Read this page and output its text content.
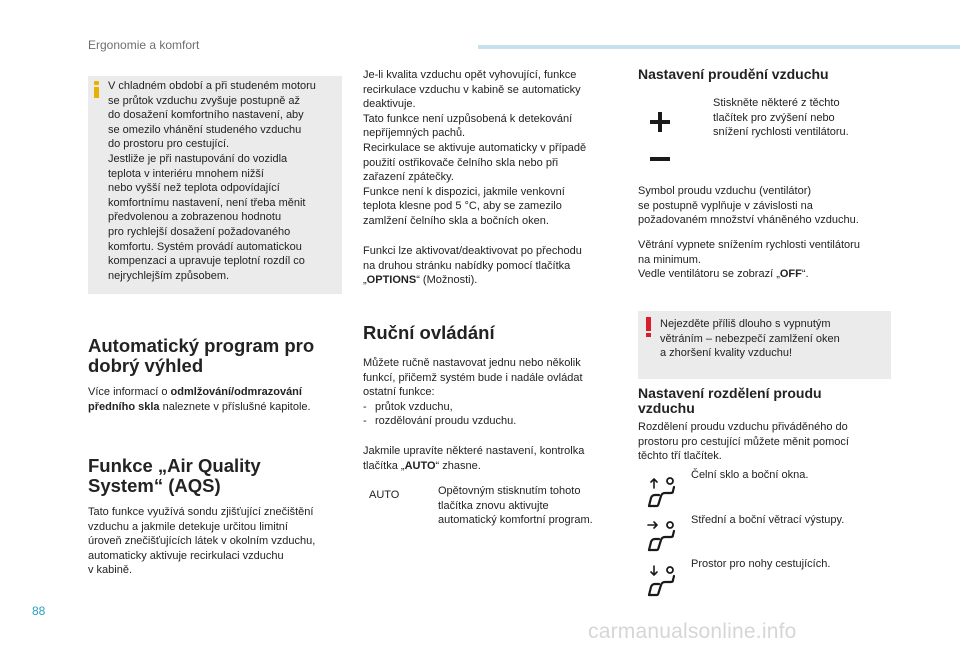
Ergonomie a komfort

V chladném období a při studeném motoru

se průtok vzduchu zvyšuje postupně až

do dosažení komfortního nastavení, aby

se omezilo vhánění studeného vzduchu

do prostoru pro cestující.

Jestliže je při nastupování do vozidla

teplota v interiéru mnohem nižší

nebo vyšší než teplota odpovídající

komfortnímu nastavení, není třeba měnit

předvolenou a zobrazenou hodnotu

pro rychlejší dosažení požadovaného

komfortu. Systém provádí automatickou

kompenzaci a upravuje teplotní rozdíl co

nejrychlejším způsobem.

Automatický program pro
dobrý výhled

Více informací o odmlžování/odmrazování

předního skla naleznete v příslušné kapitole.

Funkce „Air Quality
System“ (AQS)

Tato funkce využívá sondu zjišťující znečištění

vzduchu a jakmile detekuje určitou limitní

úroveň znečišťujících látek v okolním vzduchu,

automaticky aktivuje recirkulaci vzduchu

v kabině.

Je-li kvalita vzduchu opět vyhovující, funkce

recirkulace vzduchu v kabině se automaticky

deaktivuje.

Tato funkce není uzpůsobená k detekování

nepříjemných pachů.

Recirkulace se aktivuje automaticky v případě

použití ostřikovače čelního skla nebo při

zařazení zpátečky.

Funkce není k dispozici, jakmile venkovní

teplota klesne pod 5 °C, aby se zamezilo

zamlžení čelního skla a bočních oken.

Funkci lze aktivovat/deaktivovat po přechodu

na druhou stránku nabídky pomocí tlačítka

„OPTIONS“ (Možnosti).

Ruční ovládání

Můžete ručně nastavovat jednu nebo několik

funkcí, přičemž systém bude i nadále ovládat

ostatní funkce:

- průtok vzduchu,
- rozdělování proudu vzduchu.

Jakmile upravíte některé nastavení, kontrolka

tlačítka „AUTO“ zhasne.

AUTO	Opětovným stisknutím tohoto

tlačítka znovu aktivujte

automatický komfortní program.

Nastavení proudění vzduchu

Stiskněte některé z těchto

tlačítek pro zvýšení nebo

snížení rychlosti ventilátoru.

Symbol proudu vzduchu (ventilátor)

se postupně vyplňuje v závislosti na

požadovaném množství vháněného vzduchu.

Větrání vypnete snížením rychlosti ventilátoru

na minimum.

Vedle ventilátoru se zobrazí „OFF“.

Nejezděte příliš dlouho s vypnutým

větráním – nebezpečí zamlžení oken

a zhoršení kvality vzduchu!

Nastavení rozdělení proudu
vzduchu

Rozdělení proudu vzduchu přiváděného do

prostoru pro cestující můžete měnit pomocí

těchto tří tlačítek.

Čelní sklo a boční okna.
Střední a boční větrací výstupy.
Prostor pro nohy cestujících.
88
carmanualsonline.info
